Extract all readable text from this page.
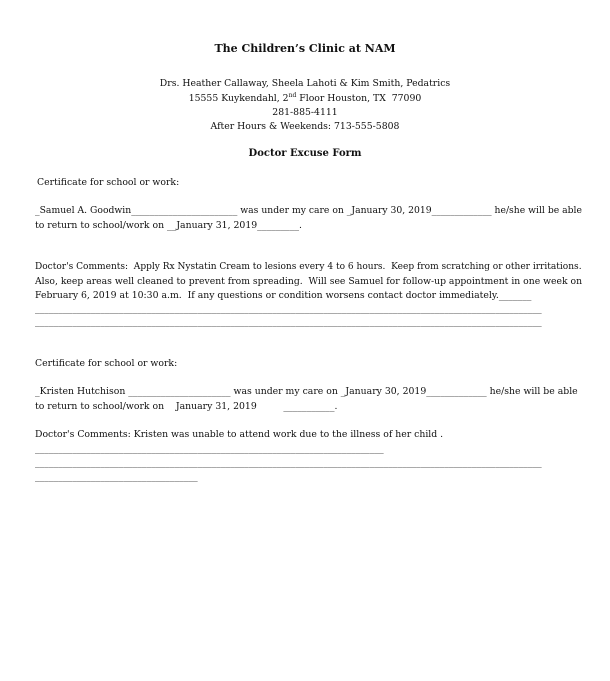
The Children’s Clinic at NAM
Drs. Heather Callaway, Sheela Lahoti & Kim Smith, Pedatrics
15555 Kuykendahl, 2nd Floor Houston, TX  77090
281-885-4111
After Hours & Weekends: 713-555-5808
Doctor Excuse Form
Certificate for school or work:
_Samuel A. Goodwin_______________________ was under my care on _January 30, 2019_____________ he/she will be able
to return to school/work on __January 31, 2019_________.
Doctor's Comments:  Apply Rx Nystatin Cream to lesions every 4 to 6 hours.  Keep from scratching or other irritations.
Also, keep areas well cleaned to prevent from spreading.  Will see Samuel for follow-up appointment in one week on
February 6, 2019 at 10:30 a.m.  If any questions or condition worsens contact doctor immediately._______
_____________________________________________________________________________________________________________
_____________________________________________________________________________________________________________
Certificate for school or work:
_Kristen Hutchison ______________________ was under my care on _January 30, 2019_____________ he/she will be able
to return to school/work on    January 31, 2019         ___________.
Doctor's Comments: Kristen was unable to attend work due to the illness of her child .
___________________________________________________________________________
_____________________________________________________________________________________________________________
___________________________________
